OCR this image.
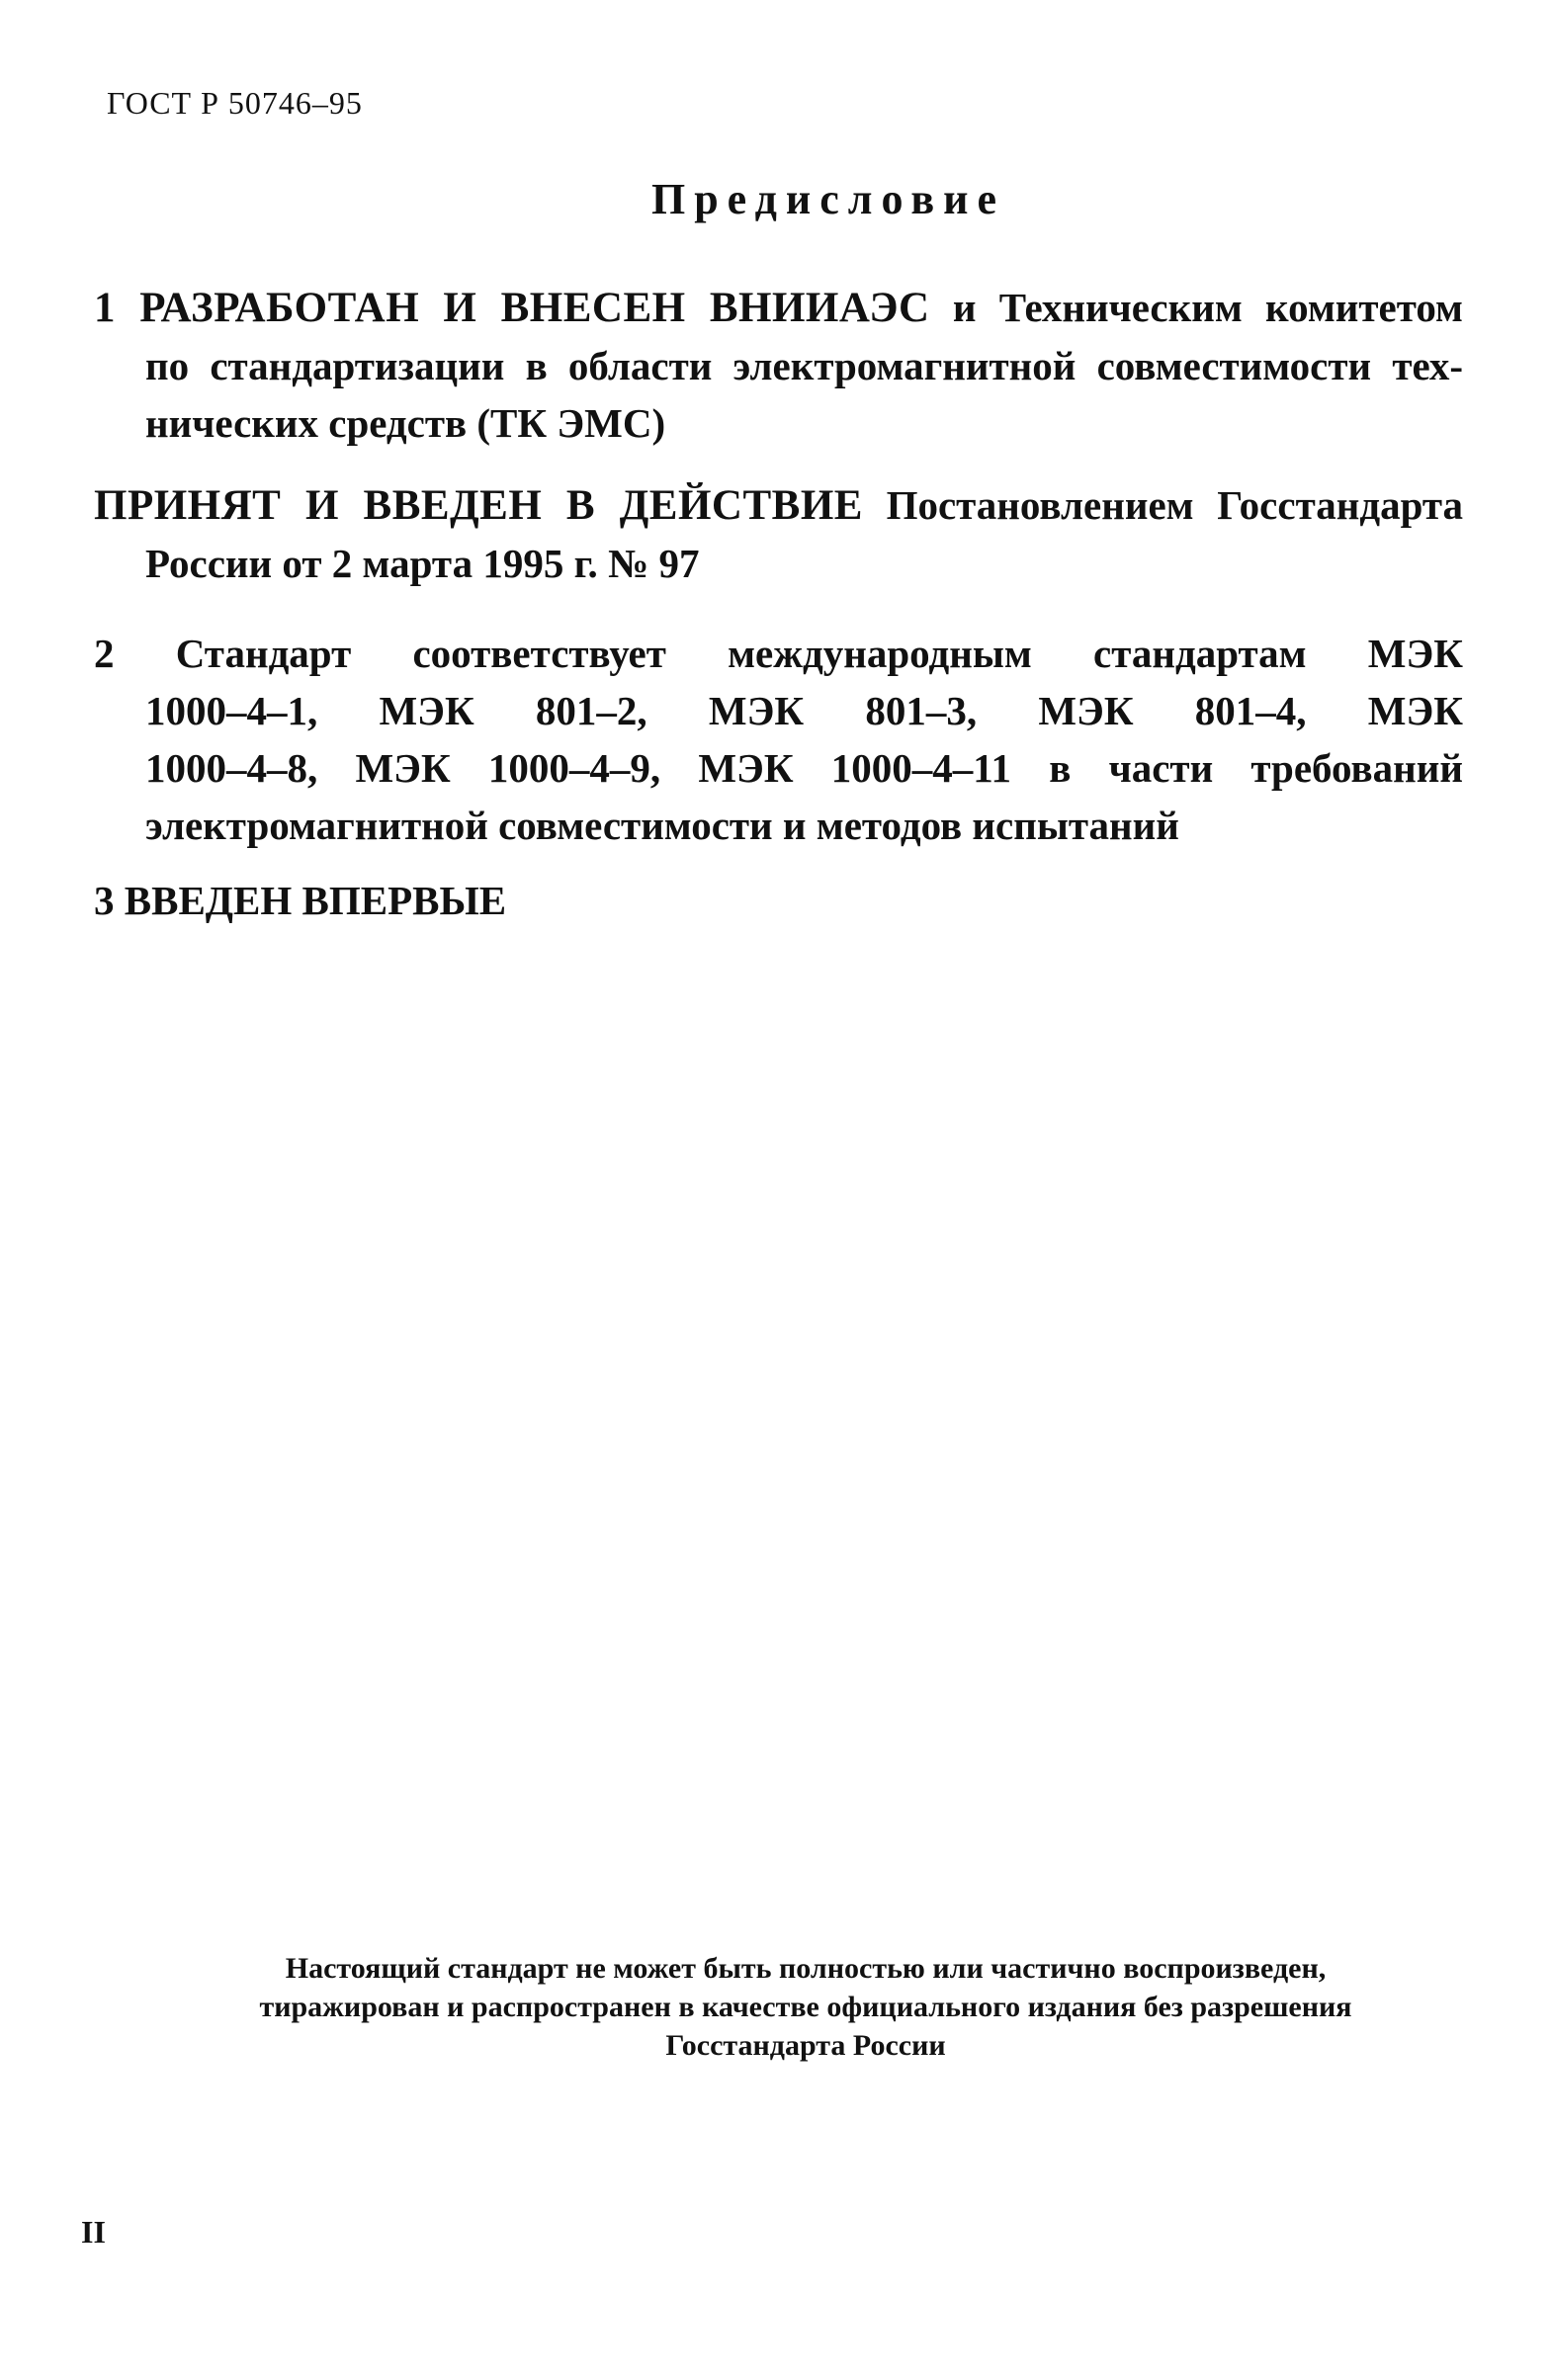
ГОСТ Р 50746–95
Предисловие
1 РАЗРАБОТАН И ВНЕСЕН ВНИИАЭС и Техническим комитетом
по стандартизации в области электромагнитной совместимости тех-
нических средств (ТК ЭМС)
ПРИНЯТ И ВВЕДЕН В ДЕЙСТВИЕ Постановлением Госстандарта
России от 2 марта 1995 г. № 97
2 Стандарт соответствует международным стандартам МЭК
1000–4–1, МЭК 801–2, МЭК 801–3, МЭК 801–4, МЭК
1000–4–8, МЭК 1000–4–9, МЭК 1000–4–11 в части требований
электромагнитной совместимости и методов испытаний
3 ВВЕДЕН ВПЕРВЫЕ
Настоящий стандарт не может быть полностью или частично воспроизведен,
тиражирован и распространен в качестве официального издания без разрешения
Госстандарта России
II
